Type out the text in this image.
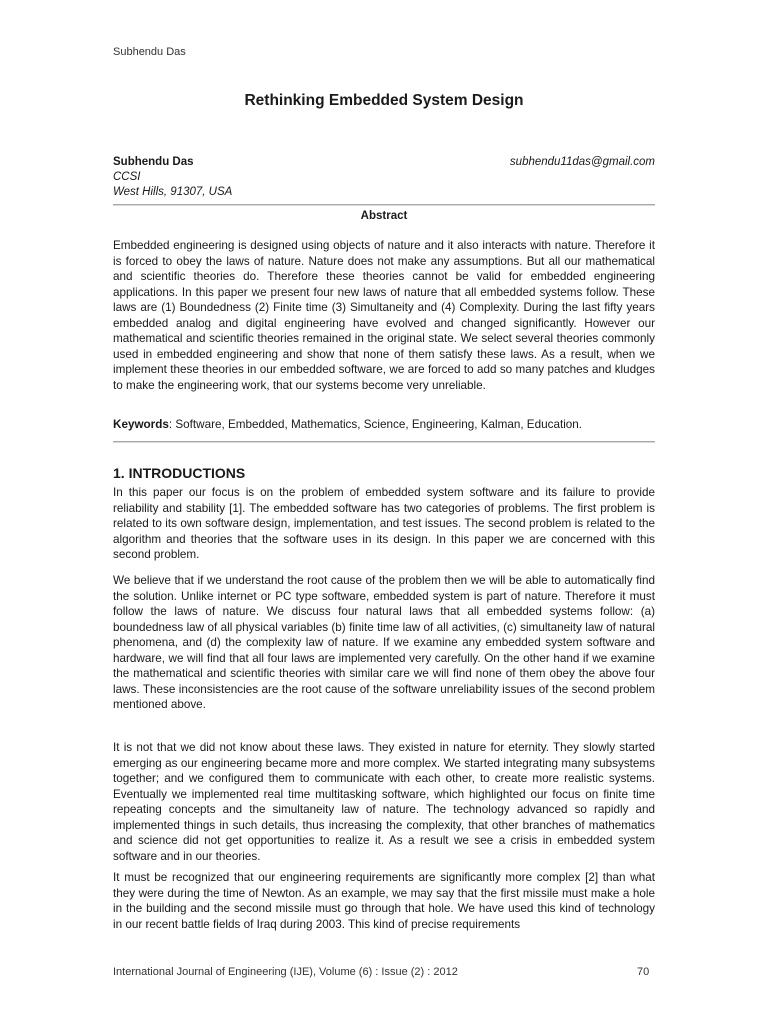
Subhendu Das
Rethinking Embedded System Design
Subhendu Das
CCSI
West Hills, 91307, USA
subhendu11das@gmail.com
Abstract

Embedded engineering is designed using objects of nature and it also interacts with nature. Therefore it is forced to obey the laws of nature. Nature does not make any assumptions. But all our mathematical and scientific theories do. Therefore these theories cannot be valid for embedded engineering applications. In this paper we present four new laws of nature that all embedded systems follow. These laws are (1) Boundedness (2) Finite time (3) Simultaneity and (4) Complexity. During the last fifty years embedded analog and digital engineering have evolved and changed significantly. However our mathematical and scientific theories remained in the original state. We select several theories commonly used in embedded engineering and show that none of them satisfy these laws. As a result, when we implement these theories in our embedded software, we are forced to add so many patches and kludges to make the engineering work, that our systems become very unreliable.

Keywords: Software, Embedded, Mathematics, Science, Engineering, Kalman, Education.

1. INTRODUCTIONS

In this paper our focus is on the problem of embedded system software and its failure to provide reliability and stability [1]. The embedded software has two categories of problems. The first problem is related to its own software design, implementation, and test issues. The second problem is related to the algorithm and theories that the software uses in its design. In this paper we are concerned with this second problem.

We believe that if we understand the root cause of the problem then we will be able to automatically find the solution. Unlike internet or PC type software, embedded system is part of nature. Therefore it must follow the laws of nature. We discuss four natural laws that all embedded systems follow: (a) boundedness law of all physical variables (b) finite time law of all activities, (c) simultaneity law of natural phenomena, and (d) the complexity law of nature. If we examine any embedded system software and hardware, we will find that all four laws are implemented very carefully. On the other hand if we examine the mathematical and scientific theories with similar care we will find none of them obey the above four laws. These inconsistencies are the root cause of the software unreliability issues of the second problem mentioned above.

It is not that we did not know about these laws. They existed in nature for eternity. They slowly started emerging as our engineering became more and more complex. We started integrating many subsystems together; and we configured them to communicate with each other, to create more realistic systems. Eventually we implemented real time multitasking software, which highlighted our focus on finite time repeating concepts and the simultaneity law of nature. The technology advanced so rapidly and implemented things in such details, thus increasing the complexity, that other branches of mathematics and science did not get opportunities to realize it. As a result we see a crisis in embedded system software and in our theories.

It must be recognized that our engineering requirements are significantly more complex [2] than what they were during the time of Newton. As an example, we may say that the first missile must make a hole in the building and the second missile must go through that hole. We have used this kind of technology in our recent battle fields of Iraq during 2003. This kind of precise requirements

International Journal of Engineering (IJE), Volume (6) : Issue (2) : 2012	70
